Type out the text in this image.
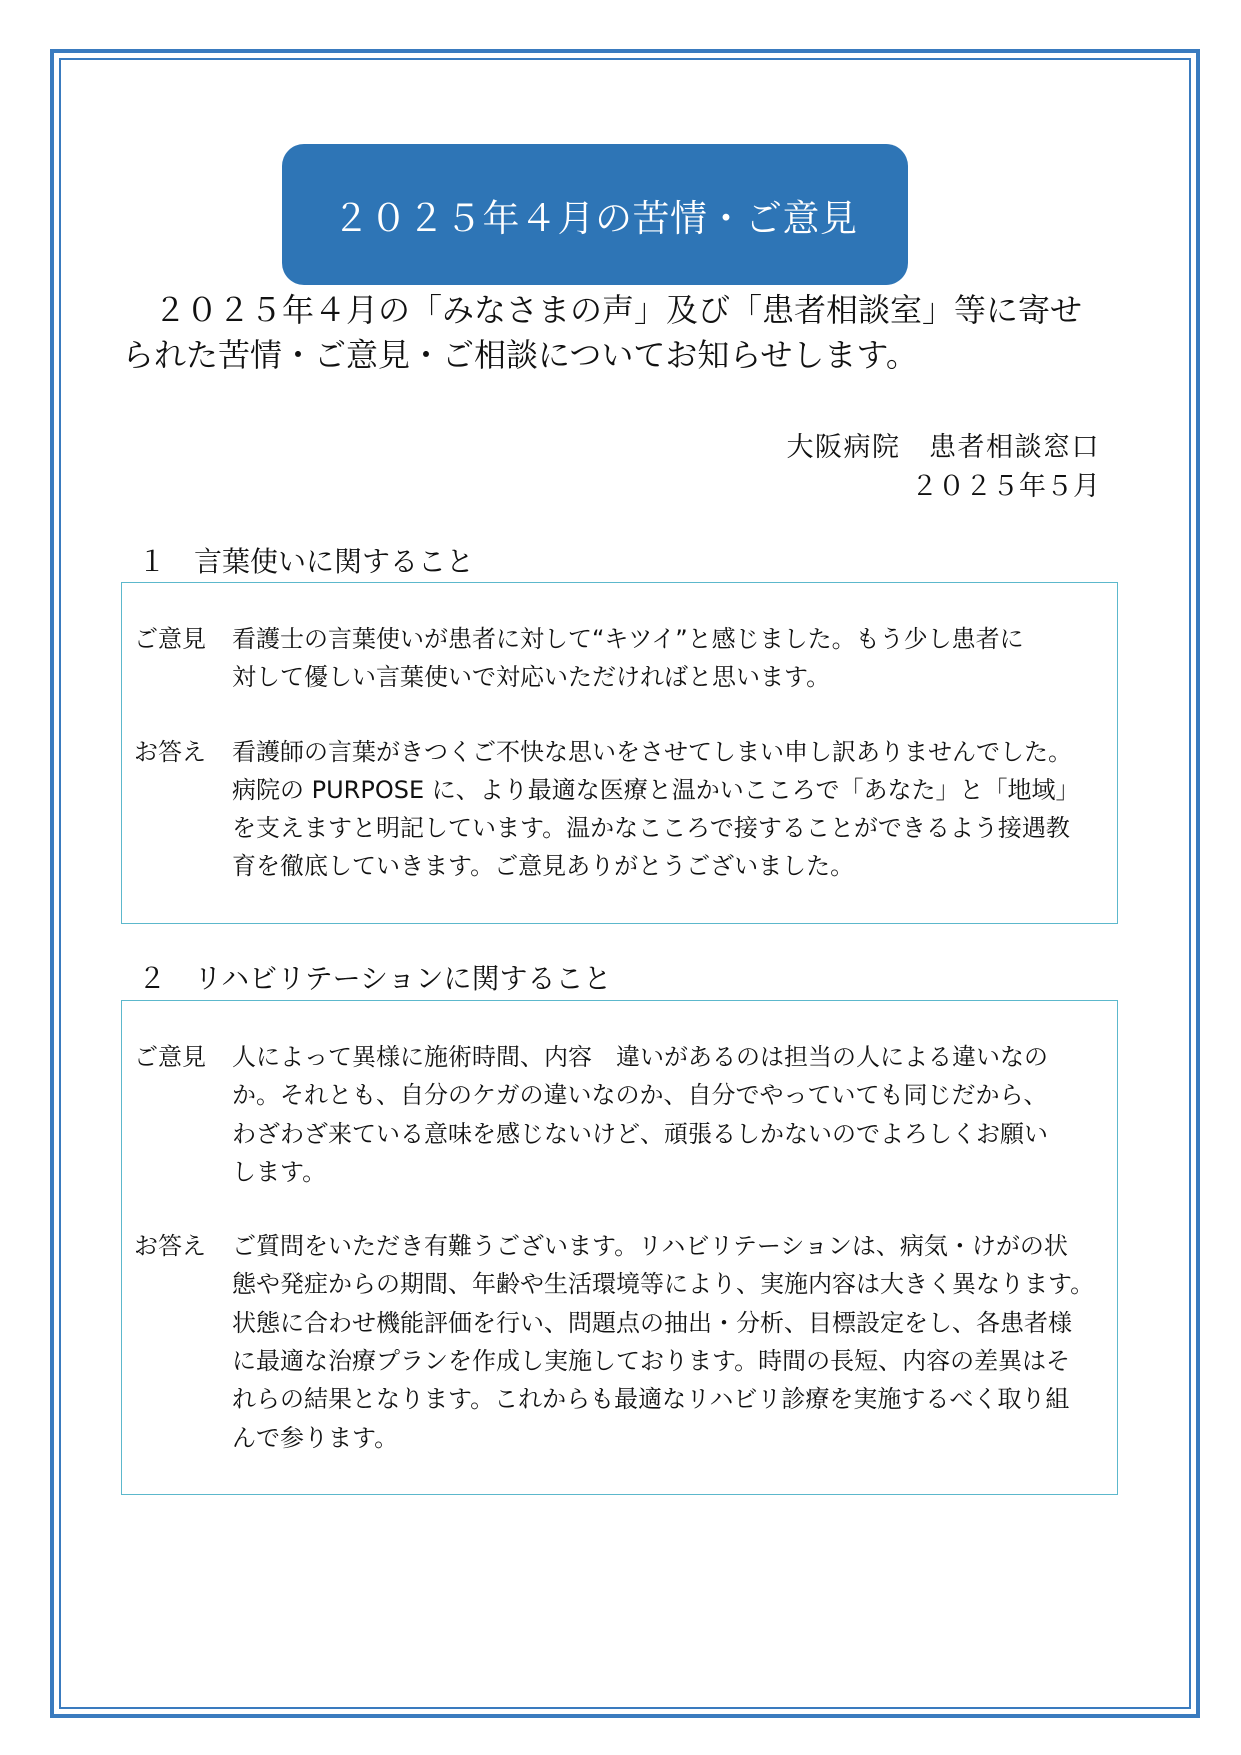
２０２５年４月の苦情・ご意見
　２０２５年４月の「みなさまの声」及び「患者相談室」等に寄せ
られた苦情・ご意見・ご相談についてお知らせします。
大阪病院　患者相談窓口
２０２５年５月
１　言葉使いに関すること
ご意見	看護士の言葉使いが患者に対して“キツイ”と感じました。もう少し患者に
対して優しい言葉使いで対応いただければと思います。
お答え	看護師の言葉がきつくご不快な思いをさせてしまい申し訳ありませんでした。
病院の PURPOSE に、より最適な医療と温かいこころで「あなた」と「地域」
を支えますと明記しています。温かなこころで接することができるよう接遇教
育を徹底していきます。ご意見ありがとうございました。
２　リハビリテーションに関すること
ご意見	人によって異様に施術時間、内容　違いがあるのは担当の人による違いなの
か。それとも、自分のケガの違いなのか、自分でやっていても同じだから、
わざわざ来ている意味を感じないけど、頑張るしかないのでよろしくお願い
します。
お答え	ご質問をいただき有難うございます。リハビリテーションは、病気・けがの状
態や発症からの期間、年齢や生活環境等により、実施内容は大きく異なります。
状態に合わせ機能評価を行い、問題点の抽出・分析、目標設定をし、各患者様
に最適な治療プランを作成し実施しております。時間の長短、内容の差異はそ
れらの結果となります。これからも最適なリハビリ診療を実施するべく取り組
んで参ります。
